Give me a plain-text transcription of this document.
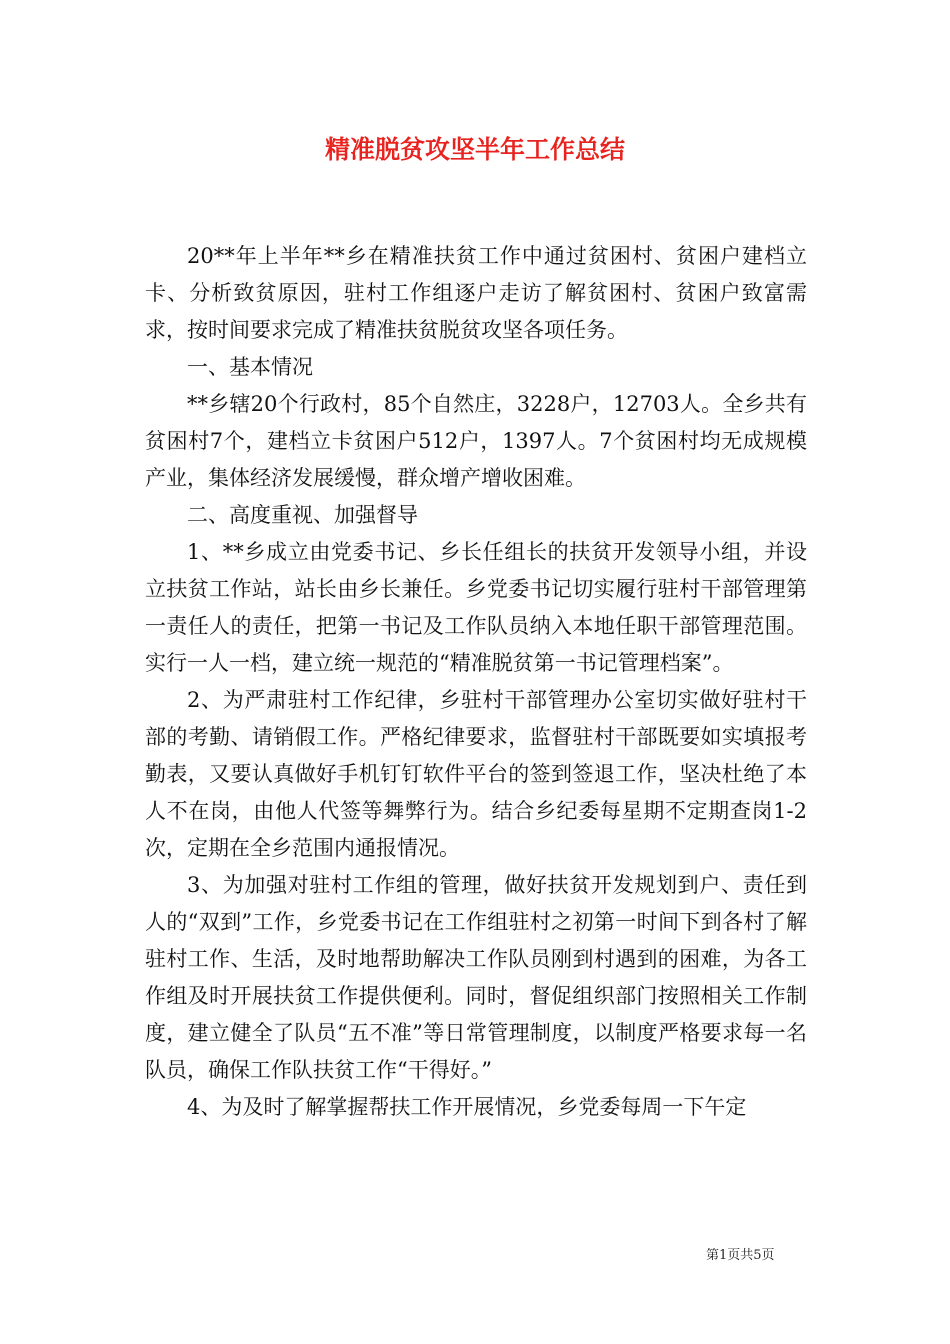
精准脱贫攻坚半年工作总结

20**年上半年**乡在精准扶贫工作中通过贫困村、贫困户建档立卡、分析致贫原因，驻村工作组逐户走访了解贫困村、贫困户致富需求，按时间要求完成了精准扶贫脱贫攻坚各项任务。

一、基本情况

**乡辖20个行政村，85个自然庄，3228户，12703人。全乡共有贫困村7个，建档立卡贫困户512户，1397人。7个贫困村均无成规模产业，集体经济发展缓慢，群众增产增收困难。

二、高度重视、加强督导

1、**乡成立由党委书记、乡长任组长的扶贫开发领导小组，并设立扶贫工作站，站长由乡长兼任。乡党委书记切实履行驻村干部管理第一责任人的责任，把第一书记及工作队员纳入本地任职干部管理范围。实行一人一档，建立统一规范的“精准脱贫第一书记管理档案”。

2、为严肃驻村工作纪律，乡驻村干部管理办公室切实做好驻村干部的考勤、请销假工作。严格纪律要求，监督驻村干部既要如实填报考勤表，又要认真做好手机钉钉软件平台的签到签退工作，坚决杜绝了本人不在岗，由他人代签等舞弊行为。结合乡纪委每星期不定期查岗1-2次，定期在全乡范围内通报情况。

3、为加强对驻村工作组的管理，做好扶贫开发规划到户、责任到人的“双到”工作，乡党委书记在工作组驻村之初第一时间下到各村了解驻村工作、生活，及时地帮助解决工作队员刚到村遇到的困难，为各工作组及时开展扶贫工作提供便利。同时，督促组织部门按照相关工作制度，建立健全了队员“五不准”等日常管理制度，以制度严格要求每一名队员，确保工作队扶贫工作“干得好。”

4、为及时了解掌握帮扶工作开展情况，乡党委每周一下午定

第1页共5页
